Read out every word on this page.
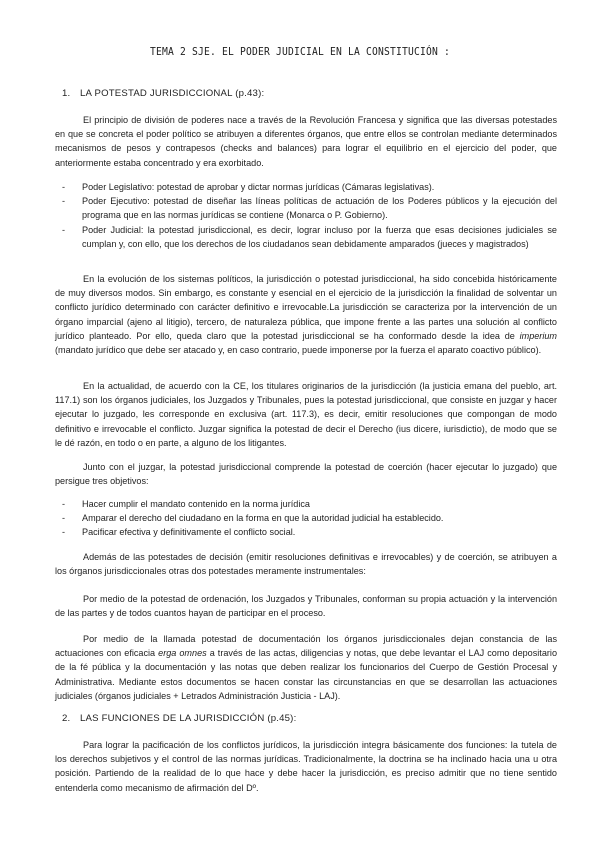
TEMA 2 SJE. EL PODER JUDICIAL EN LA CONSTITUCIÓN :
1. LA POTESTAD JURISDICCIONAL (p.43):

El principio de división de poderes nace a través de la Revolución Francesa y significa que las diversas potestades en que se concreta el poder político se atribuyen a diferentes órganos, que entre ellos se controlan mediante determinados mecanismos de pesos y contrapesos (checks and balances) para lograr el equilibrio en el ejercicio del poder, que anteriormente estaba concentrado y era exorbitado.

- Poder Legislativo: potestad de aprobar y dictar normas jurídicas (Cámaras legislativas).
- Poder Ejecutivo: potestad de diseñar las líneas políticas de actuación de los Poderes públicos y la ejecución del programa que en las normas jurídicas se contiene (Monarca o P. Gobierno).
- Poder Judicial: la potestad jurisdiccional, es decir, lograr incluso por la fuerza que esas decisiones judiciales se cumplan y, con ello, que los derechos de los ciudadanos sean debidamente amparados (jueces y magistrados)

En la evolución de los sistemas políticos, la jurisdicción o potestad jurisdiccional, ha sido concebida históricamente de muy diversos modos. Sin embargo, es constante y esencial en el ejercicio de la jurisdicción la finalidad de solventar un conflicto jurídico determinado con carácter definitivo e irrevocable.La jurisdicción se caracteriza por la intervención de un órgano imparcial (ajeno al litigio), tercero, de naturaleza pública, que impone frente a las partes una solución al conflicto jurídico planteado. Por ello, queda claro que la potestad jurisdiccional se ha conformado desde la idea de imperium (mandato jurídico que debe ser atacado y, en caso contrario, puede imponerse por la fuerza el aparato coactivo público).

En la actualidad, de acuerdo con la CE, los titulares originarios de la jurisdicción (la justicia emana del pueblo, art. 117.1) son los órganos judiciales, los Juzgados y Tribunales, pues la potestad jurisdiccional, que consiste en juzgar y hacer ejecutar lo juzgado, les corresponde en exclusiva (art. 117.3), es decir, emitir resoluciones que compongan de modo definitivo e irrevocable el conflicto. Juzgar significa la potestad de decir el Derecho (ius dicere, iurisdictio), de modo que se le dé razón, en todo o en parte, a alguno de los litigantes.

Junto con el juzgar, la potestad jurisdiccional comprende la potestad de coerción (hacer ejecutar lo juzgado) que persigue tres objetivos:

- Hacer cumplir el mandato contenido en la norma jurídica
- Amparar el derecho del ciudadano en la forma en que la autoridad judicial ha establecido.
- Pacificar efectiva y definitivamente el conflicto social.

Además de las potestades de decisión (emitir resoluciones definitivas e irrevocables) y de coerción, se atribuyen a los órganos jurisdiccionales otras dos potestades meramente instrumentales:

Por medio de la potestad de ordenación, los Juzgados y Tribunales, conforman su propia actuación y la intervención de las partes y de todos cuantos hayan de participar en el proceso.

Por medio de la llamada potestad de documentación los órganos jurisdiccionales dejan constancia de las actuaciones con eficacia erga omnes a través de las actas, diligencias y notas, que debe levantar el LAJ como depositario de la fé pública y la documentación y las notas que deben realizar los funcionarios del Cuerpo de Gestión Procesal y Administrativa. Mediante estos documentos se hacen constar las circunstancias en que se desarrollan las actuaciones judiciales (órganos judiciales + Letrados Administración Justicia - LAJ).

2. LAS FUNCIONES DE LA JURISDICCIÓN (p.45):

Para lograr la pacificación de los conflictos jurídicos, la jurisdicción integra básicamente dos funciones: la tutela de los derechos subjetivos y el control de las normas jurídicas. Tradicionalmente, la doctrina se ha inclinado hacia una u otra posición. Partiendo de la realidad de lo que hace y debe hacer la jurisdicción, es preciso admitir que no tiene sentido entenderla como mecanismo de afirmación del Dº.
